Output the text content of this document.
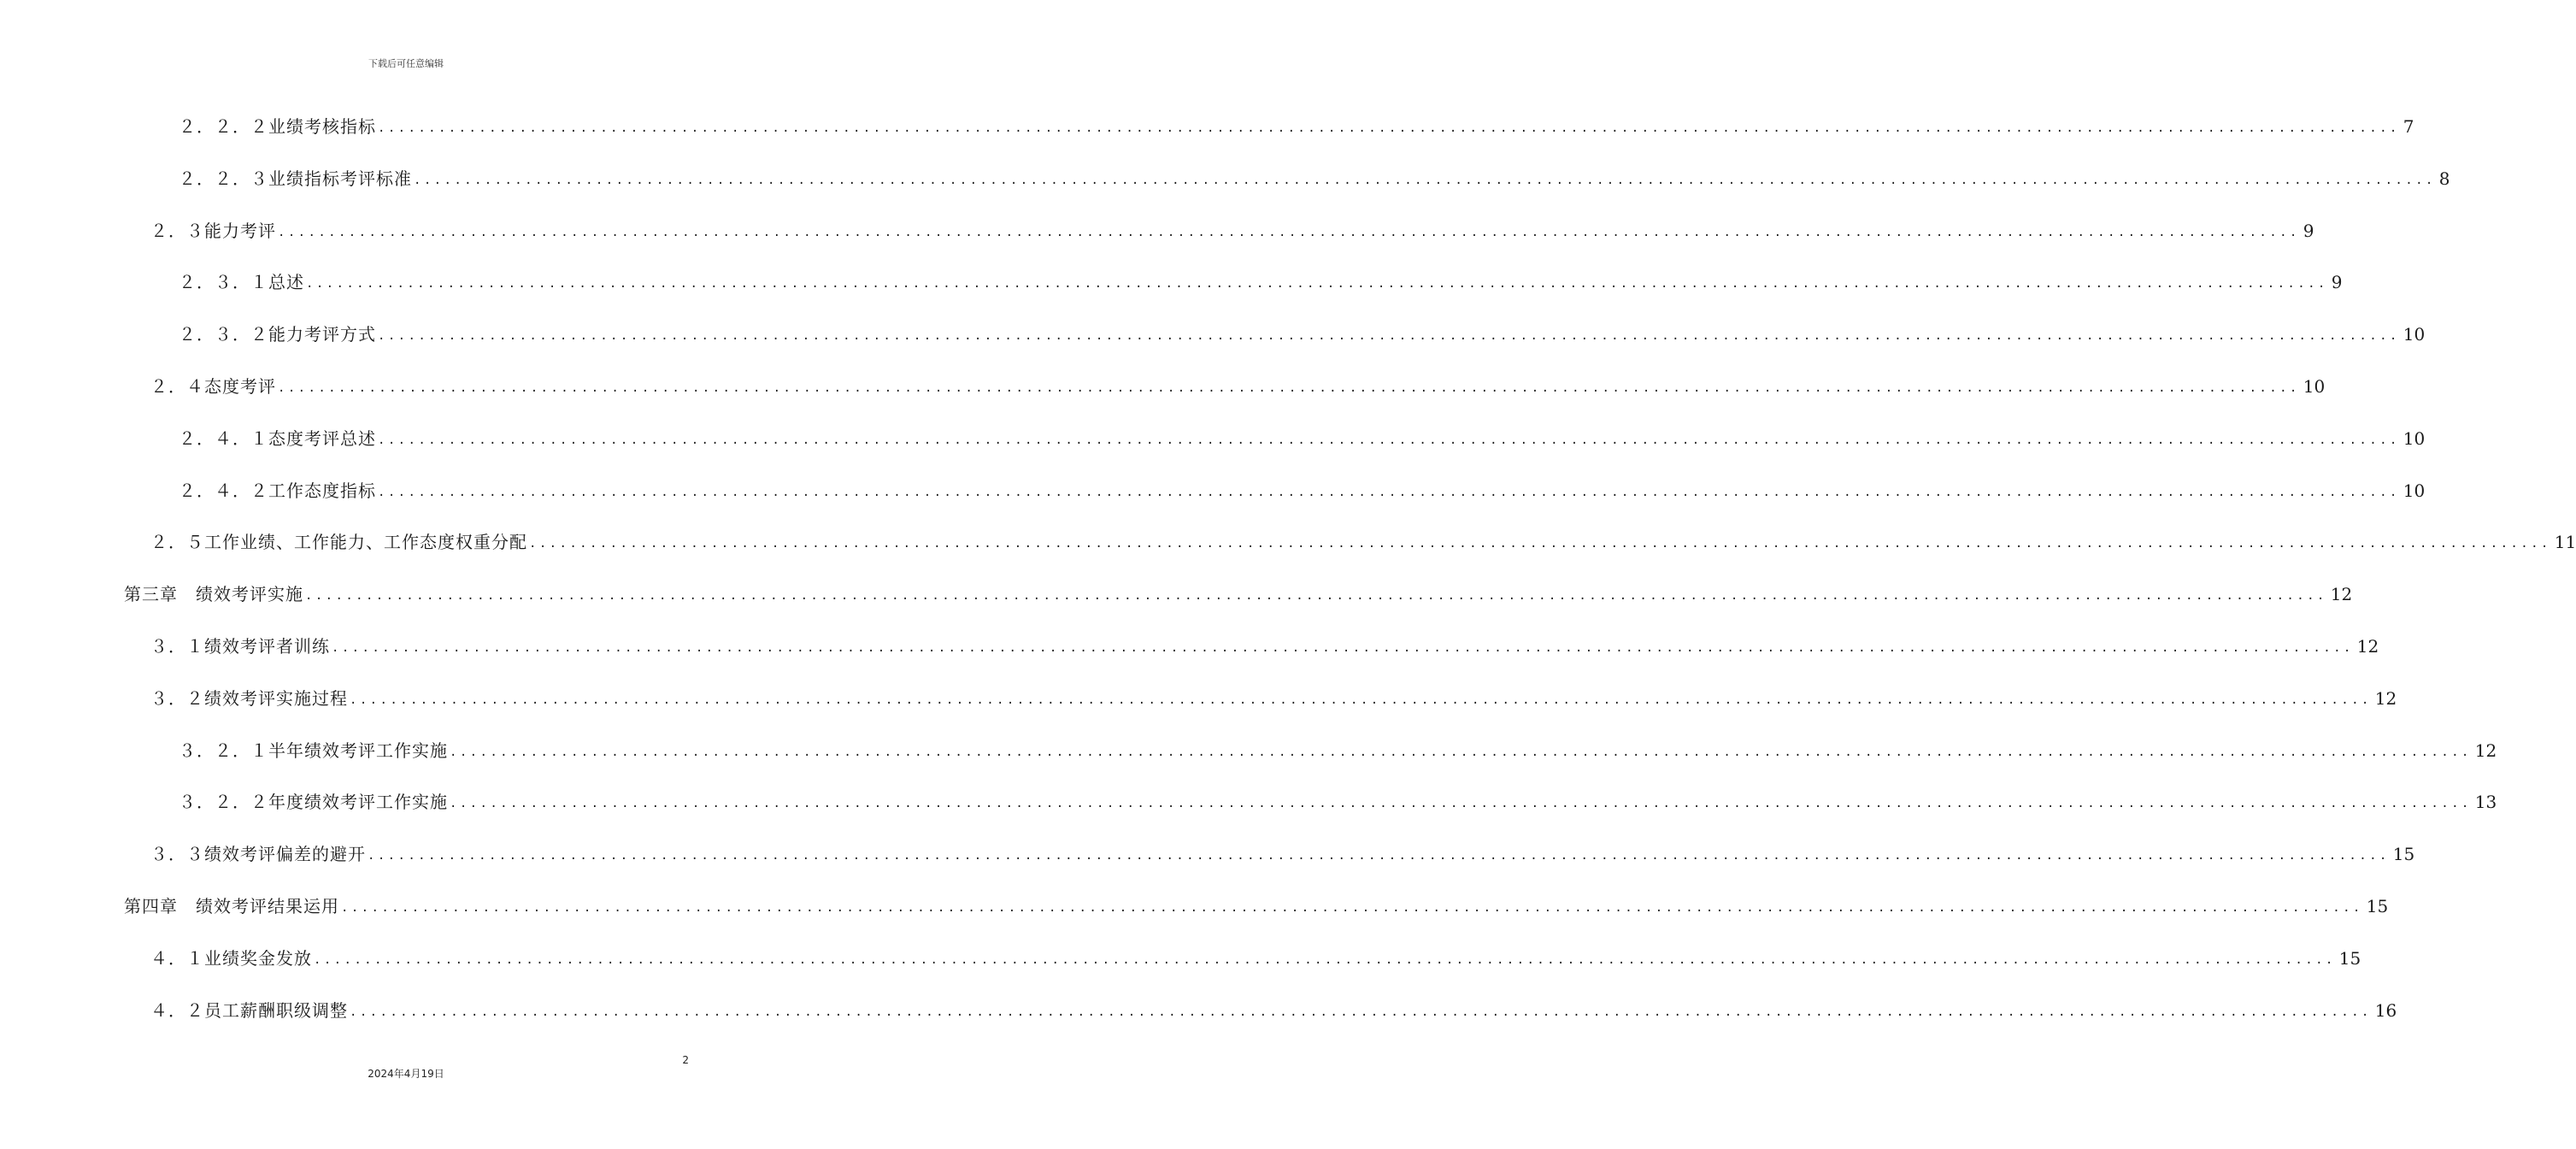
下载后可任意编辑
２．２．２业绩考核指标 ........................................................................................................................................................................................................ 7
２．２．３业绩指标考评标准 ........................................................................................................................................................................................................ 8
２．３能力考评 ........................................................................................................................................................................................................ 9
２．３．１总述 ........................................................................................................................................................................................................ 9
２．３．２能力考评方式 ........................................................................................................................................................................................................ 10
２．４态度考评 ........................................................................................................................................................................................................ 10
２．４．１态度考评总述 ........................................................................................................................................................................................................ 10
２．４．２工作态度指标 ........................................................................................................................................................................................................ 10
２．５工作业绩、工作能力、工作态度权重分配 ........................................................................................................................................................................................................ 11
第三章　绩效考评实施 ........................................................................................................................................................................................................ 12
３．１绩效考评者训练 ........................................................................................................................................................................................................ 12
３．２绩效考评实施过程 ........................................................................................................................................................................................................ 12
３．２．１半年绩效考评工作实施 ........................................................................................................................................................................................................ 12
３．２．２年度绩效考评工作实施 ........................................................................................................................................................................................................ 13
３．３绩效考评偏差的避开 ........................................................................................................................................................................................................ 15
第四章　绩效考评结果运用 ........................................................................................................................................................................................................ 15
４．１业绩奖金发放 ........................................................................................................................................................................................................ 15
４．２员工薪酬职级调整 ........................................................................................................................................................................................................ 16
2
2024年4月19日
